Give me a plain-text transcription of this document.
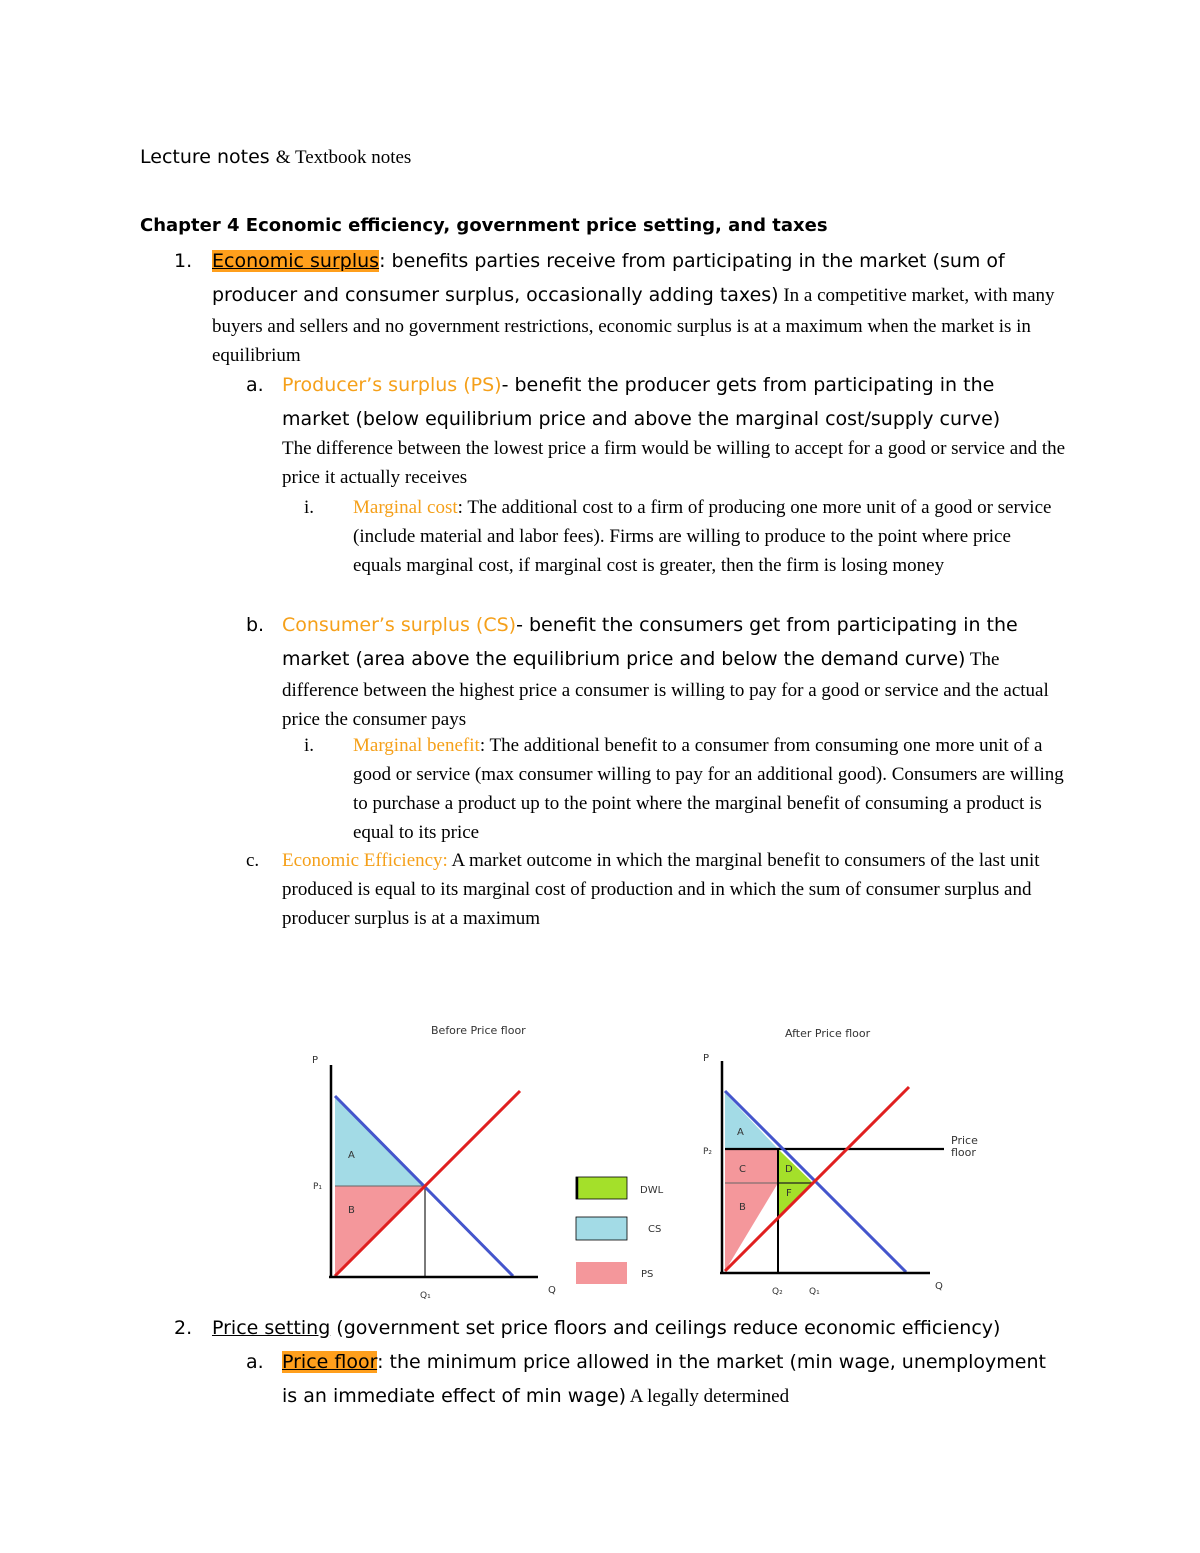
Lecture notes & Textbook notes
Chapter 4 Economic efficiency, government price setting, and taxes
1. Economic surplus: benefits parties receive from participating in the market (sum of producer and consumer surplus, occasionally adding taxes) In a competitive market, with many buyers and sellers and no government restrictions, economic surplus is at a maximum when the market is in equilibrium
a. Producer’s surplus (PS)- benefit the producer gets from participating in the market (below equilibrium price and above the marginal cost/supply curve)
The difference between the lowest price a firm would be willing to accept for a good or service and the price it actually receives
i. Marginal cost: The additional cost to a firm of producing one more unit of a good or service (include material and labor fees). Firms are willing to produce to the point where price equals marginal cost, if marginal cost is greater, then the firm is losing money
b. Consumer’s surplus (CS)- benefit the consumers get from participating in the market (area above the equilibrium price and below the demand curve) The difference between the highest price a consumer is willing to pay for a good or service and the actual price the consumer pays
i. Marginal benefit: The additional benefit to a consumer from consuming one more unit of a good or service (max consumer willing to pay for an additional good). Consumers are willing to purchase a product up to the point where the marginal benefit of consuming a product is equal to its price
c. Economic Efficiency: A market outcome in which the marginal benefit to consumers of the last unit produced is equal to its marginal cost of production and in which the sum of consumer surplus and producer surplus is at a maximum
Before Price floor
P
Q
A
B
P₁
Q₁
DWL
CS
PS
After Price floor
P
Q
A
C
B
D
F
P₂
Q₂	Q₁
Price
floor
2. Price setting (government set price floors and ceilings reduce economic efficiency)
a. Price floor: the minimum price allowed in the market (min wage, unemployment is an immediate effect of min wage) A legally determined
